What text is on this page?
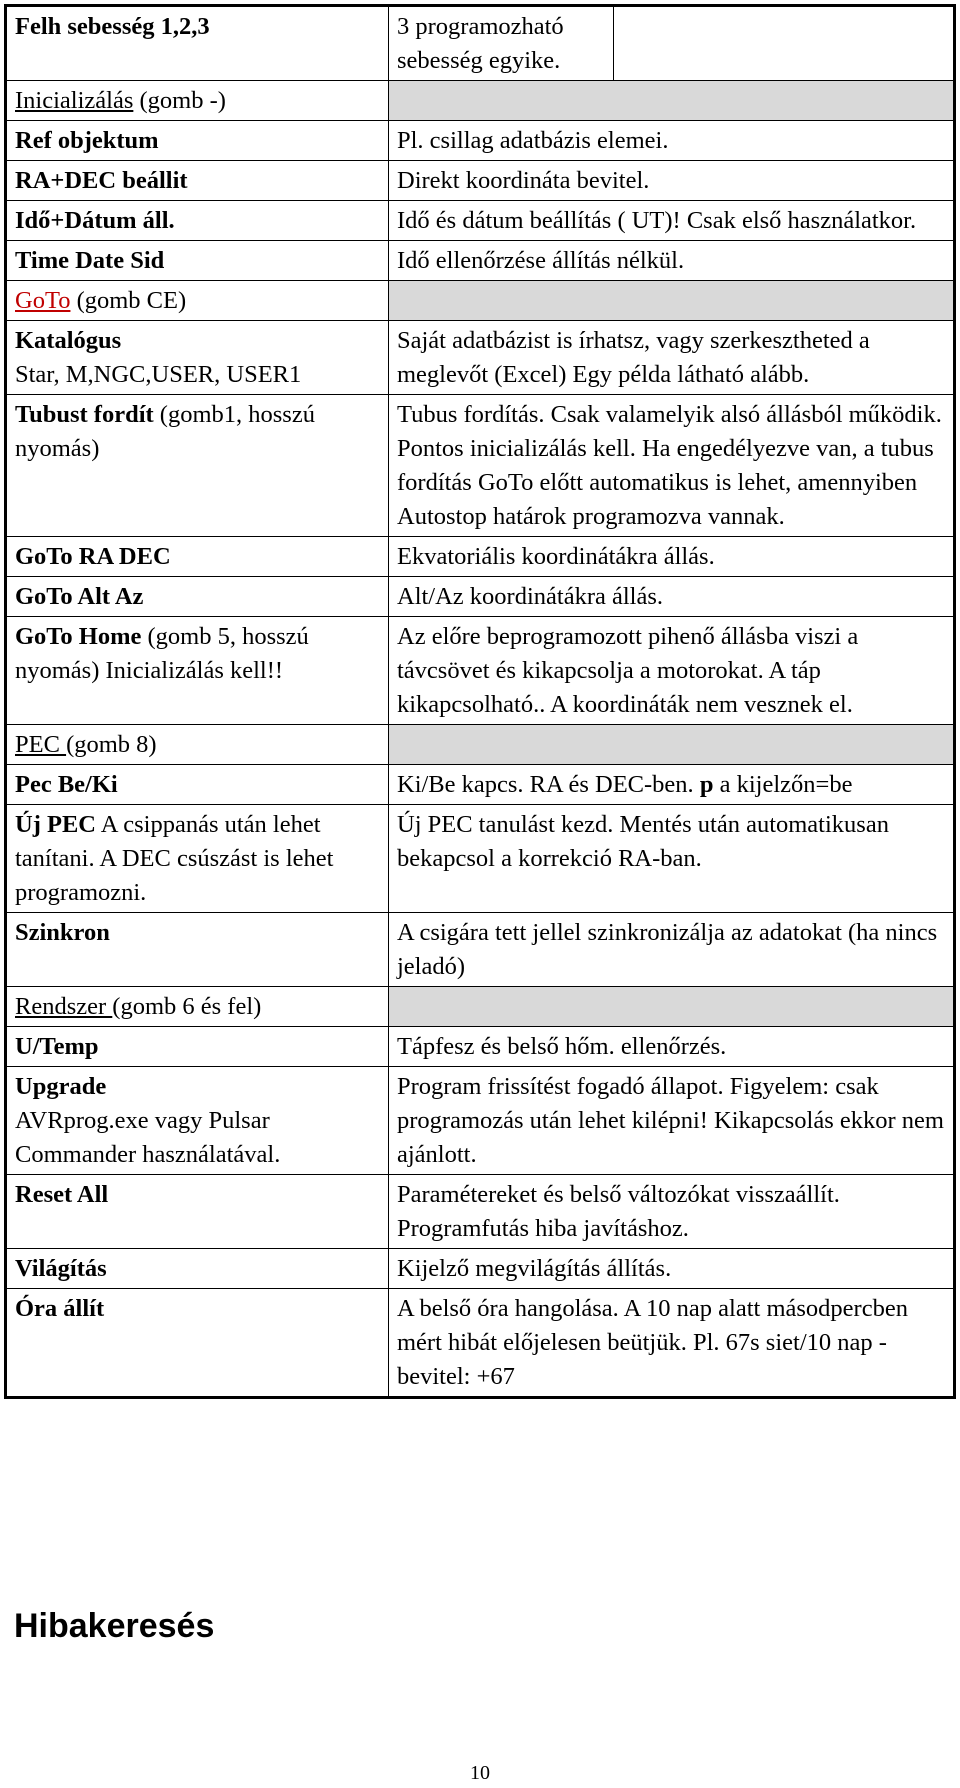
Felh sebesség 1,2,3	3 programozható sebesség egyike.	
Inicializálás (gomb -)		
Ref objektum	Pl. csillag adatbázis elemei.	
RA+DEC beállit	Direkt koordináta bevitel.	
Idő+Dátum áll.	Idő és dátum beállítás ( UT)! Csak első használatkor.	
Time Date Sid	Idő ellenőrzése állítás nélkül.	
GoTo (gomb CE)		
Katalógus
Star, M,NGC,USER, USER1	Saját adatbázist is írhatsz, vagy szerkesztheted a meglevőt (Excel) Egy példa látható alább.	
Tubust fordít (gomb1, hosszú nyomás)	Tubus fordítás. Csak valamelyik alsó állásból működik. Pontos inicializálás kell. Ha engedélyezve van, a tubus fordítás GoTo előtt automatikus is lehet, amennyiben Autostop határok programozva vannak.	
GoTo RA DEC	Ekvatoriális koordinátákra állás.	
GoTo Alt Az	Alt/Az koordinátákra állás.	
GoTo Home (gomb 5, hosszú nyomás) Inicializálás kell!!	Az előre beprogramozott pihenő állásba viszi a távcsövet és kikapcsolja a motorokat. A táp kikapcsolható.. A koordináták nem vesznek el.	
PEC (gomb 8)		
Pec Be/Ki	Ki/Be kapcs. RA és DEC-ben. p a kijelzőn=be	
Új PEC A csippanás után lehet tanítani. A DEC csúszást is lehet programozni.	Új PEC tanulást kezd. Mentés után automatikusan bekapcsol a korrekció RA-ban.	
Szinkron	A csigára tett jellel szinkronizálja az adatokat (ha nincs jeladó)	
Rendszer (gomb 6 és fel)		
U/Temp	Tápfesz és belső hőm. ellenőrzés.	
Upgrade
AVRprog.exe vagy Pulsar Commander használatával.	Program frissítést fogadó állapot. Figyelem: csak programozás után lehet kilépni! Kikapcsolás ekkor nem ajánlott.	
Reset All	Paramétereket és belső változókat visszaállít. Programfutás hiba javításhoz.	
Világítás	Kijelző megvilágítás állítás.	
Óra állít	A belső óra hangolása. A 10 nap alatt másodpercben mért hibát előjelesen beütjük. Pl. 67s siet/10 nap - bevitel: +67	
Hibakeresés
10
